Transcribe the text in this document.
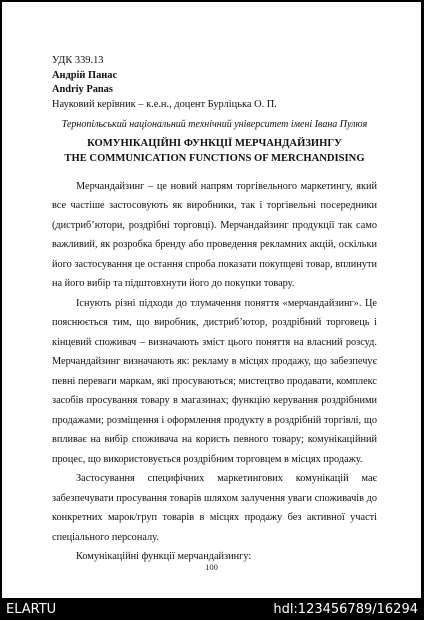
УДК 339.13

Андрій Панас

Andriy Panas

Науковий керівник – к.е.н., доцент Бурліцька О. П.

Тернопільський національний технічний університет імені Івана Пулюя

КОМУНІКАЦІЙНІ ФУНКЦІЇ МЕРЧАНДАЙЗИНГУ

THE COMMUNICATION FUNCTIONS OF MERCHANDISING

Мерчандайзинг – це новий напрям торгівельного маркетингу, який все частіше застосовують як виробники, так і торгівельні посередники (дистриб’ютори, роздрібні торговці). Мерчандайзинг продукції так само важливий, як розробка бренду або проведення рекламних акцій, оскільки його застосування це остання спроба показати покупцеві товар, вплинути на його вибір та підштовхнути його до покупки товару.

Існують різні підходи до тлумачення поняття «мерчандайзинг». Це пояснюється тим, що виробник, дистриб’ютор, роздрібний торговець і кінцевий споживач – визначають зміст цього поняття на власний розсуд. Мерчандайзинг визначають як: рекламу в місцях продажу, що забезпечує певні переваги маркам, які просуваються; мистецтво продавати, комплекс засобів просування товару в магазинах; функцію керування роздрібними продажами; розміщення і оформлення продукту в роздрібній торгівлі, що впливає на вибір споживача на користь певного товару; комунікаційний процес, що використовується роздрібним торговцем в місцях продажу.

Застосування специфічних маркетингових комунікацій має забезпечувати просування товарів шляхом залучення уваги споживачів до конкретних марок/груп товарів в місцях продажу без активної участі спеціального персоналу.

Комунікаційні функції мерчандайзингу:

100
ELARTU	hdl:123456789/16294
